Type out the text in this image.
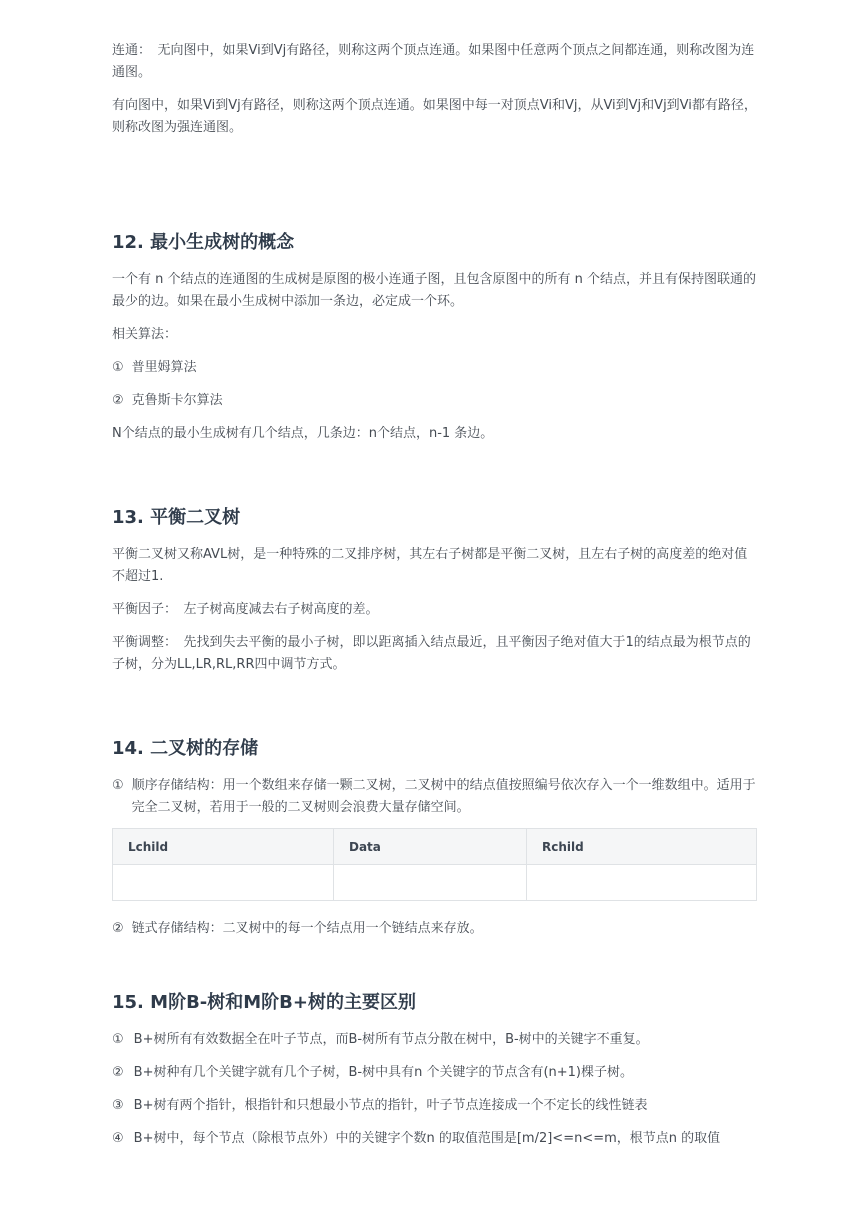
连通：　无向图中，如果Vi到Vj有路径，则称这两个顶点连通。如果图中任意两个顶点之间都连通，则称改图为连通图。

有向图中，如果Vi到Vj有路径，则称这两个顶点连通。如果图中每一对顶点Vi和Vj，从Vi到Vj和Vj到Vi都有路径，则称改图为强连通图。

12. 最小生成树的概念

一个有 n 个结点的连通图的生成树是原图的极小连通子图，且包含原图中的所有 n 个结点，并且有保持图联通的最少的边。如果在最小生成树中添加一条边，必定成一个环。

相关算法：

① 普里姆算法

② 克鲁斯卡尔算法

N个结点的最小生成树有几个结点，几条边：n个结点，n-1 条边。

13. 平衡二叉树

平衡二叉树又称AVL树，是一种特殊的二叉排序树，其左右子树都是平衡二叉树，且左右子树的高度差的绝对值不超过1.

平衡因子：　左子树高度减去右子树高度的差。

平衡调整：　先找到失去平衡的最小子树，即以距离插入结点最近，且平衡因子绝对值大于1的结点最为根节点的子树，分为LL,LR,RL,RR四中调节方式。

14. 二叉树的存储

① 顺序存储结构：用一个数组来存储一颗二叉树，二叉树中的结点值按照编号依次存入一个一维数组中。适用于完全二叉树，若用于一般的二叉树则会浪费大量存储空间。

Lchild	Data	Rchild

② 链式存储结构：二叉树中的每一个结点用一个链结点来存放。

15. M阶B-树和M阶B+树的主要区别

① B+树所有有效数据全在叶子节点，而B-树所有节点分散在树中，B-树中的关键字不重复。

② B+树种有几个关键字就有几个子树，B-树中具有n 个关键字的节点含有(n+1)棵子树。

③ B+树有两个指针，根指针和只想最小节点的指针，叶子节点连接成一个不定长的线性链表

④ B+树中，每个节点（除根节点外）中的关键字个数n 的取值范围是[m/2]<=n<=m，根节点n 的取值
